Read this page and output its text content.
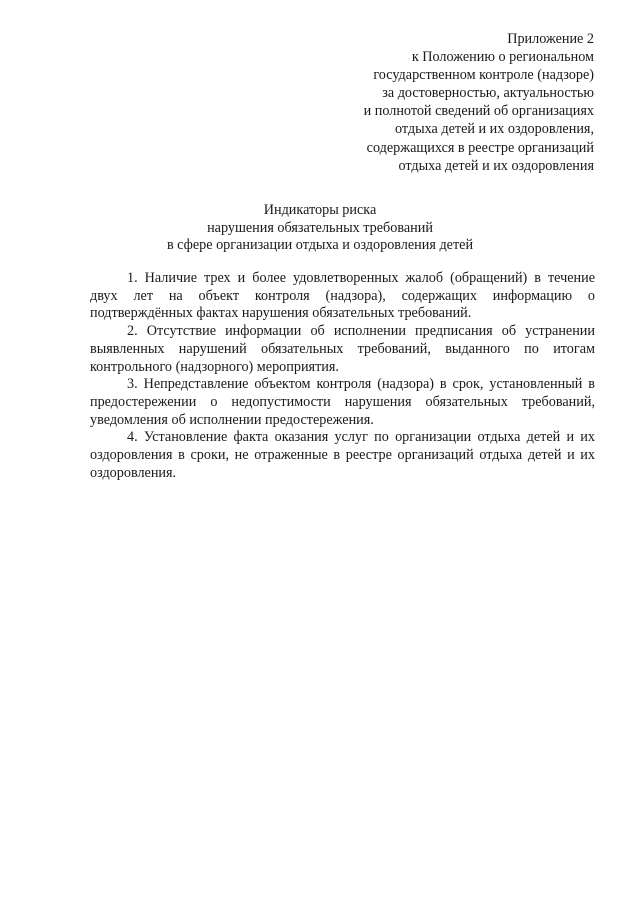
Приложение 2
к Положению о региональном
государственном контроле (надзоре)
за достоверностью, актуальностью
и полнотой сведений об организациях
отдыха детей и их оздоровления,
содержащихся в реестре организаций
отдыха детей и их оздоровления
Индикаторы риска
нарушения обязательных требований
в сфере организации отдыха и оздоровления детей

1. Наличие трех и более удовлетворенных жалоб (обращений) в течение двух лет на объект контроля (надзора), содержащих информацию о подтверждённых фактах нарушения обязательных требований.

2. Отсутствие информации об исполнении предписания об устранении выявленных нарушений обязательных требований, выданного по итогам контрольного (надзорного) мероприятия.

3. Непредставление объектом контроля (надзора) в срок, установленный в предостережении о недопустимости нарушения обязательных требований, уведомления об исполнении предостережения.

4. Установление факта оказания услуг по организации отдыха детей и их оздоровления в сроки, не отраженные в реестре организаций отдыха детей и их оздоровления.
